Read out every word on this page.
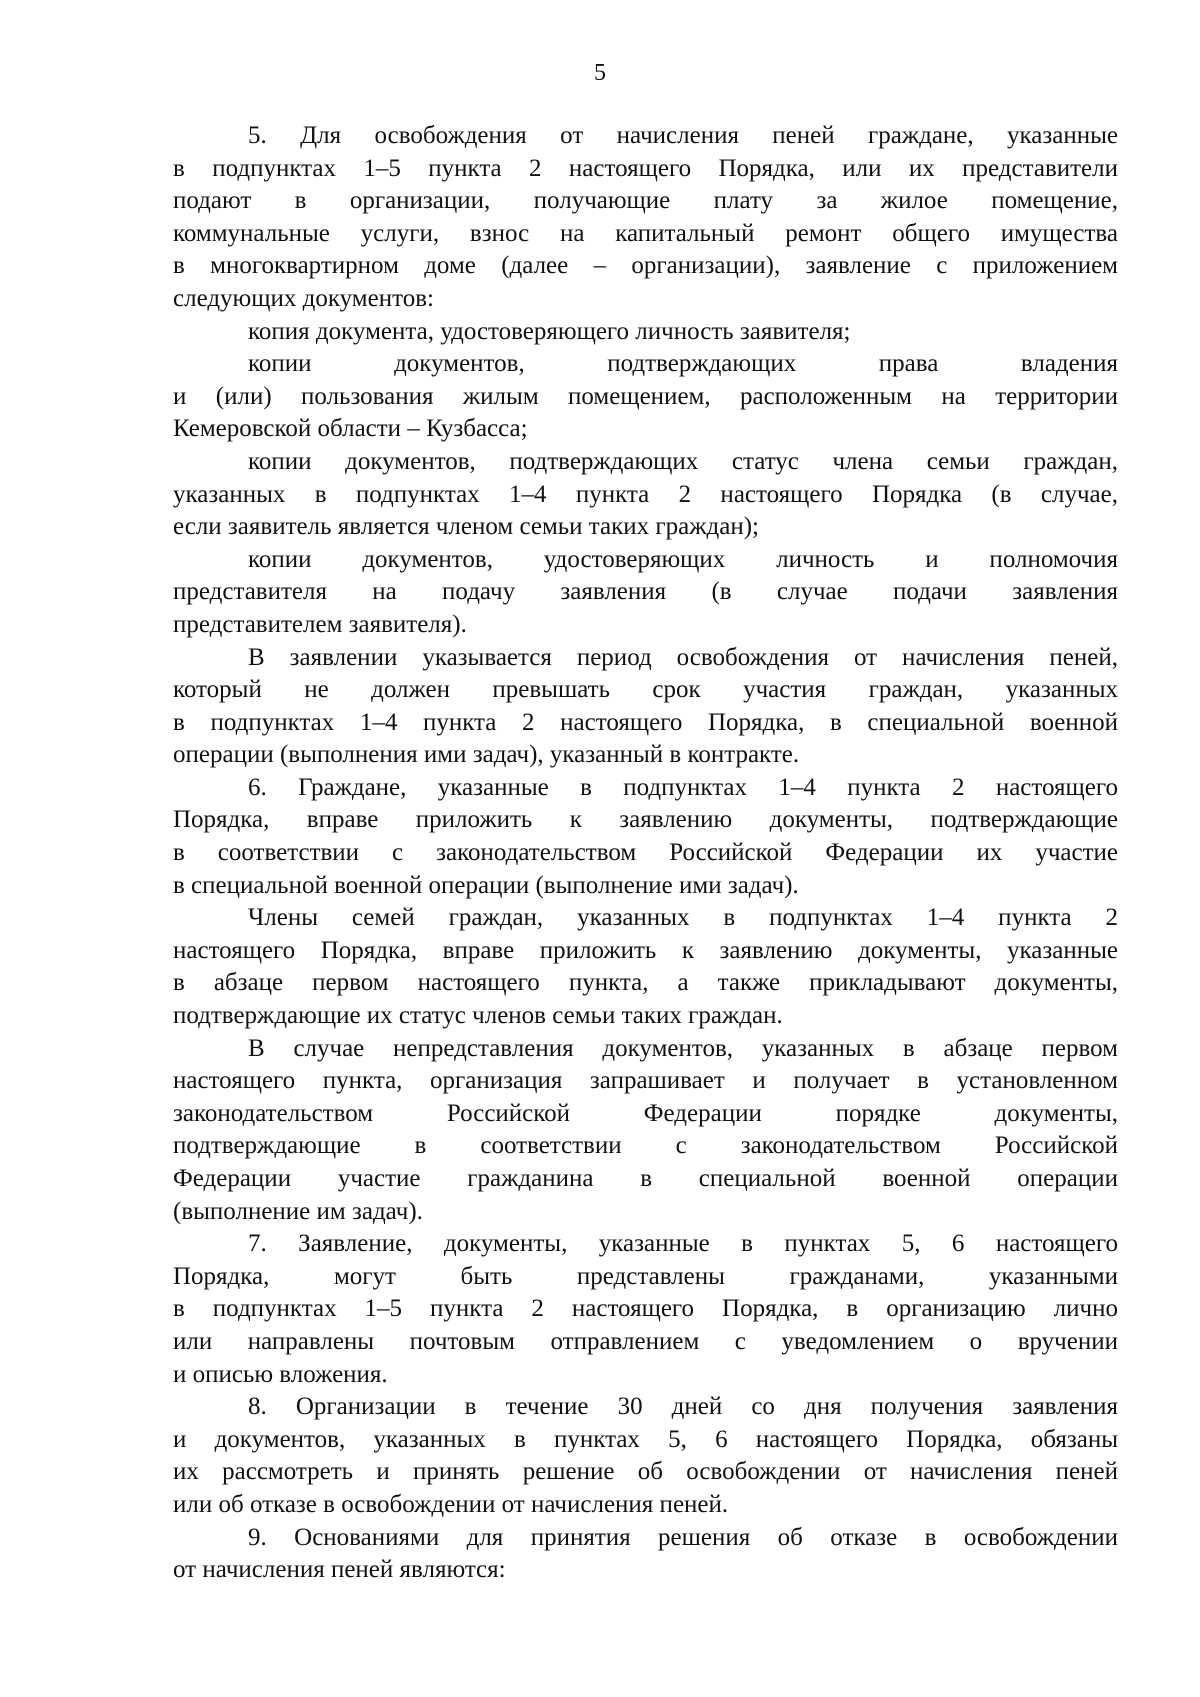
5
5. Для освобождения от начисления пеней граждане, указанные
в подпунктах 1–5 пункта 2 настоящего Порядка, или их представители
подают в организации, получающие плату за жилое помещение,
коммунальные услуги, взнос на капитальный ремонт общего имущества
в многоквартирном доме (далее – организации), заявление с приложением
следующих документов:
копия документа, удостоверяющего личность заявителя;
копии документов, подтверждающих права владения
и (или) пользования жилым помещением, расположенным на территории
Кемеровской области – Кузбасса;
копии документов, подтверждающих статус члена семьи граждан,
указанных в подпунктах 1–4 пункта 2 настоящего Порядка (в случае,
если заявитель является членом семьи таких граждан);
копии документов, удостоверяющих личность и полномочия
представителя на подачу заявления (в случае подачи заявления
представителем заявителя).
В заявлении указывается период освобождения от начисления пеней,
который не должен превышать срок участия граждан, указанных
в подпунктах 1–4 пункта 2 настоящего Порядка, в специальной военной
операции (выполнения ими задач), указанный в контракте.
6. Граждане, указанные в подпунктах 1–4 пункта 2 настоящего
Порядка, вправе приложить к заявлению документы, подтверждающие
в соответствии с законодательством Российской Федерации их участие
в специальной военной операции (выполнение ими задач).
Члены семей граждан, указанных в подпунктах 1–4 пункта 2
настоящего Порядка, вправе приложить к заявлению документы, указанные
в абзаце первом настоящего пункта, а также прикладывают документы,
подтверждающие их статус членов семьи таких граждан.
В случае непредставления документов, указанных в абзаце первом
настоящего пункта, организация запрашивает и получает в установленном
законодательством Российской Федерации порядке документы,
подтверждающие в соответствии с законодательством Российской
Федерации участие гражданина в специальной военной операции
(выполнение им задач).
7. Заявление, документы, указанные в пунктах 5, 6 настоящего
Порядка, могут быть представлены гражданами, указанными
в подпунктах 1–5 пункта 2 настоящего Порядка, в организацию лично
или направлены почтовым отправлением с уведомлением о вручении
и описью вложения.
8. Организации в течение 30 дней со дня получения заявления
и документов, указанных в пунктах 5, 6 настоящего Порядка, обязаны
их рассмотреть и принять решение об освобождении от начисления пеней
или об отказе в освобождении от начисления пеней.
9. Основаниями для принятия решения об отказе в освобождении
от начисления пеней являются:
